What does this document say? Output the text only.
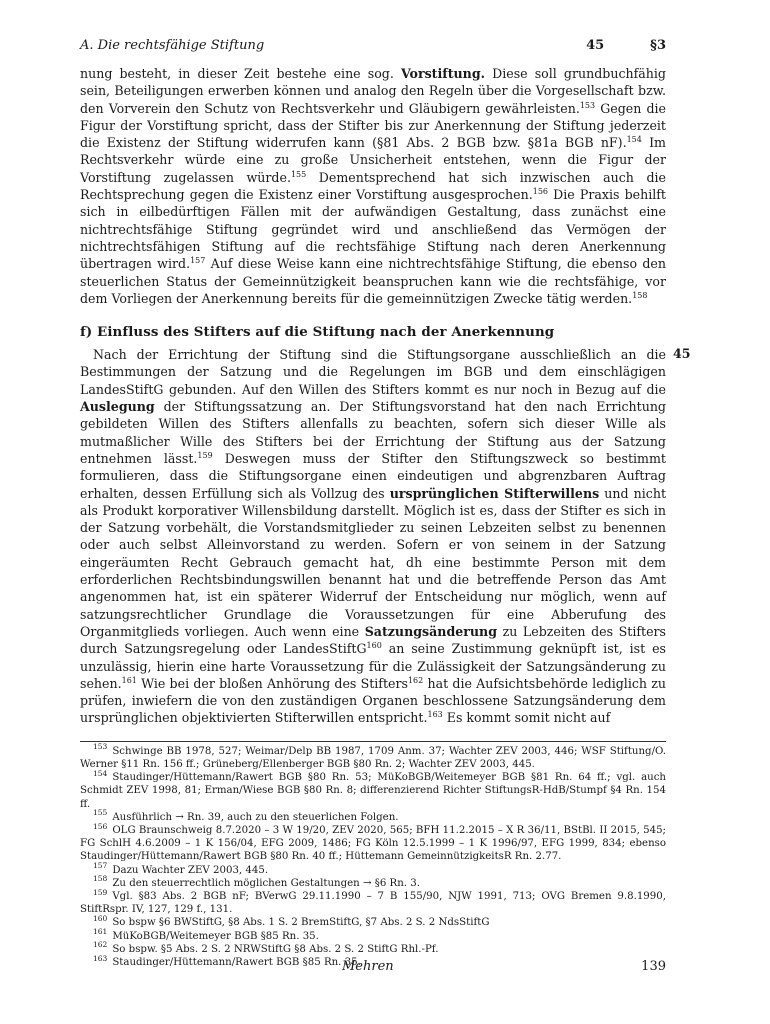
A. Die rechtsfähige Stiftung	45	§3

nung besteht, in dieser Zeit bestehe eine sog. Vorstiftung. Diese soll grundbuchfähig sein, Beteiligungen erwerben können und analog den Regeln über die Vorgesellschaft bzw. den Vorverein den Schutz von Rechtsverkehr und Gläubigern gewährleisten.$^{153}$ Gegen die Figur der Vorstiftung spricht, dass der Stifter bis zur Anerkennung der Stiftung jederzeit die Existenz der Stiftung widerrufen kann (§81 Abs. 2 BGB bzw. §81a BGB nF).$^{154}$ Im Rechtsverkehr würde eine zu große Unsicherheit entstehen, wenn die Figur der Vorstiftung zugelassen würde.$^{155}$ Dementsprechend hat sich inzwischen auch die Rechtsprechung gegen die Existenz einer Vorstiftung ausgesprochen.$^{156}$ Die Praxis behilft sich in eilbedürftigen Fällen mit der aufwändigen Gestaltung, dass zunächst eine nichtrechtsfähige Stiftung gegründet wird und anschließend das Vermögen der nichtrechtsfähigen Stiftung auf die rechtsfähige Stiftung nach deren Anerkennung übertragen wird.$^{157}$ Auf diese Weise kann eine nichtrechtsfähige Stiftung, die ebenso den steuerlichen Status der Gemeinnützigkeit beanspruchen kann wie die rechtsfähige, vor dem Vorliegen der Anerkennung bereits für die gemeinnützigen Zwecke tätig werden.$^{158}$

f) Einfluss des Stifters auf die Stiftung nach der Anerkennung
45

Nach der Errichtung der Stiftung sind die Stiftungsorgane ausschließlich an die Bestimmungen der Satzung und die Regelungen im BGB und dem einschlägigen LandesStiftG gebunden. Auf den Willen des Stifters kommt es nur noch in Bezug auf die Auslegung der Stiftungssatzung an. Der Stiftungsvorstand hat den nach Errichtung gebildeten Willen des Stifters allenfalls zu beachten, sofern sich dieser Wille als mutmaßlicher Wille des Stifters bei der Errichtung der Stiftung aus der Satzung entnehmen lässt.$^{159}$ Deswegen muss der Stifter den Stiftungszweck so bestimmt formulieren, dass die Stiftungsorgane einen eindeutigen und abgrenzbaren Auftrag erhalten, dessen Erfüllung sich als Vollzug des ursprünglichen Stifterwillens und nicht als Produkt korporativer Willensbildung darstellt. Möglich ist es, dass der Stifter es sich in der Satzung vorbehält, die Vorstandsmitglieder zu seinen Lebzeiten selbst zu benennen oder auch selbst Alleinvorstand zu werden. Sofern er von seinem in der Satzung eingeräumten Recht Gebrauch gemacht hat, dh eine bestimmte Person mit dem erforderlichen Rechtsbindungswillen benannt hat und die betreffende Person das Amt angenommen hat, ist ein späterer Widerruf der Entscheidung nur möglich, wenn auf satzungsrechtlicher Grundlage die Voraussetzungen für eine Abberufung des Organmitglieds vorliegen. Auch wenn eine Satzungsänderung zu Lebzeiten des Stifters durch Satzungsregelung oder LandesStiftG$^{160}$ an seine Zustimmung geknüpft ist, ist es unzulässig, hierin eine harte Voraussetzung für die Zulässigkeit der Satzungsänderung zu sehen.$^{161}$ Wie bei der bloßen Anhörung des Stifters$^{162}$ hat die Aufsichtsbehörde lediglich zu prüfen, inwiefern die von den zuständigen Organen beschlossene Satzungsänderung dem ursprünglichen objektivierten Stifterwillen entspricht.$^{163}$ Es kommt somit nicht auf

$^{153}$ Schwinge BB 1978, 527; Weimar/Delp BB 1987, 1709 Anm. 37; Wachter ZEV 2003, 446; WSF Stiftung/O. Werner §11 Rn. 156 ff.; Grüneberg/Ellenberger BGB §80 Rn. 2; Wachter ZEV 2003, 445.

$^{154}$ Staudinger/Hüttemann/Rawert BGB §80 Rn. 53; MüKoBGB/Weitemeyer BGB §81 Rn. 64 ff.; vgl. auch Schmidt ZEV 1998, 81; Erman/Wiese BGB §80 Rn. 8; differenzierend Richter StiftungsR-HdB/Stumpf §4 Rn. 154 ff.

$^{155}$ Ausführlich → Rn. 39, auch zu den steuerlichen Folgen.

$^{156}$ OLG Braunschweig 8.7.2020 – 3 W 19/20, ZEV 2020, 565; BFH 11.2.2015 – X R 36/11, BStBl. II 2015, 545; FG SchlH 4.6.2009 – 1 K 156/04, EFG 2009, 1486; FG Köln 12.5.1999 – 1 K 1996/97, EFG 1999, 834; ebenso Staudinger/Hüttemann/Rawert BGB §80 Rn. 40 ff.; Hüttemann GemeinnützigkeitsR Rn. 2.77.

$^{157}$ Dazu Wachter ZEV 2003, 445.

$^{158}$ Zu den steuerrechtlich möglichen Gestaltungen → §6 Rn. 3.

$^{159}$ Vgl. §83 Abs. 2 BGB nF; BVerwG 29.11.1990 – 7 B 155/90, NJW 1991, 713; OVG Bremen 9.8.1990, StiftRspr. IV, 127, 129 f., 131.

$^{160}$ So bspw §6 BWStiftG, §8 Abs. 1 S. 2 BremStiftG, §7 Abs. 2 S. 2 NdsStiftG

$^{161}$ MüKoBGB/Weitemeyer BGB §85 Rn. 35.

$^{162}$ So bspw. §5 Abs. 2 S. 2 NRWStiftG §8 Abs. 2 S. 2 StiftG Rhl.-Pf.

$^{163}$ Staudinger/Hüttemann/Rawert BGB §85 Rn. 35.

Mehren	139
